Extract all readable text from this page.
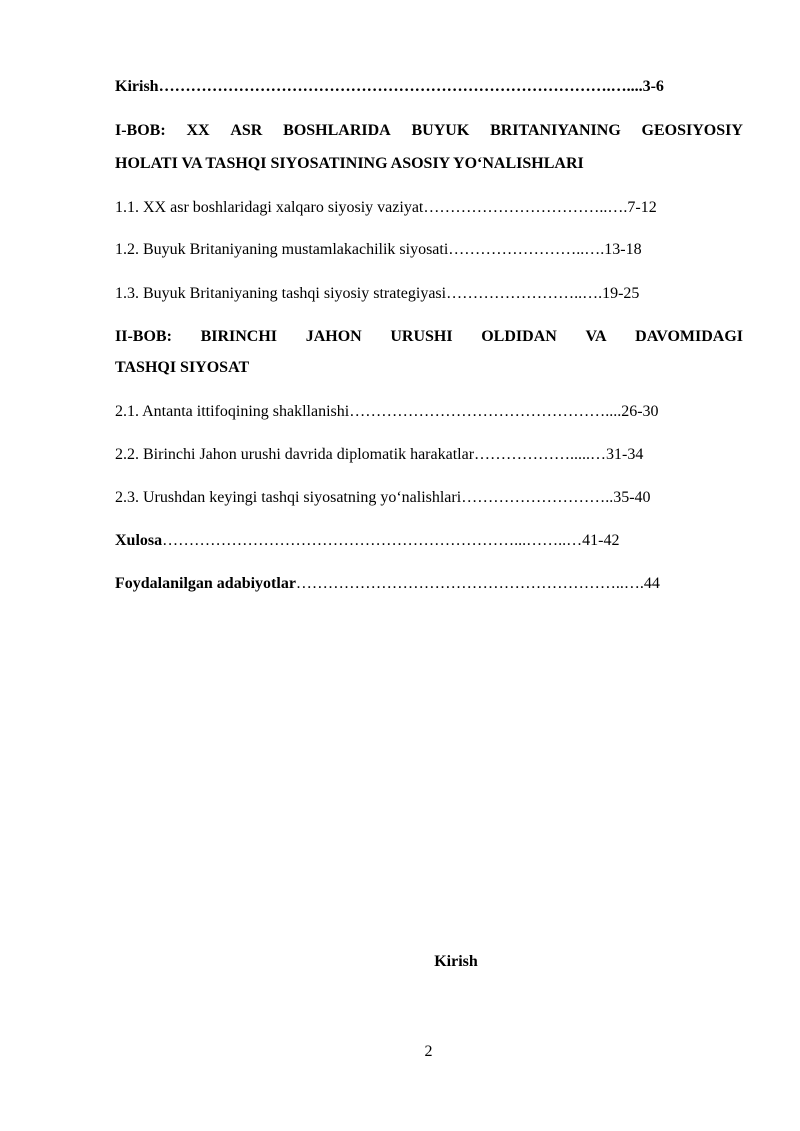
Kirish………………………………………………………………………….…....3-6
I-BOB: XX ASR BOSHLARIDA BUYUK BRITANIYANING GEOSIYOSIY
HOLATI VA TASHQI SIYOSATINING ASOSIY YO‘NALISHLARI
1.1. XX asr boshlaridagi xalqaro siyosiy vaziyat……………………………..….7-12
1.2. Buyuk Britaniyaning mustamlakachilik siyosati……………………..….13-18
1.3. Buyuk Britaniyaning tashqi siyosiy strategiyasi……………………..….19-25
II-BOB: BIRINCHI JAHON URUSHI OLDIDAN VA DAVOMIDAGI
TASHQI SIYOSAT
2.1. Antanta ittifoqining shakllanishi…………………………………………....26-30
2.2. Birinchi Jahon urushi davrida diplomatik harakatlar……………….....…31-34
2.3. Urushdan keyingi tashqi siyosatning yo‘nalishlari………………………..35-40
Xulosa…………………………………………………………...……..…41-42
Foydalanilgan adabiyotlar……………………………………………………..….44
Kirish
2
